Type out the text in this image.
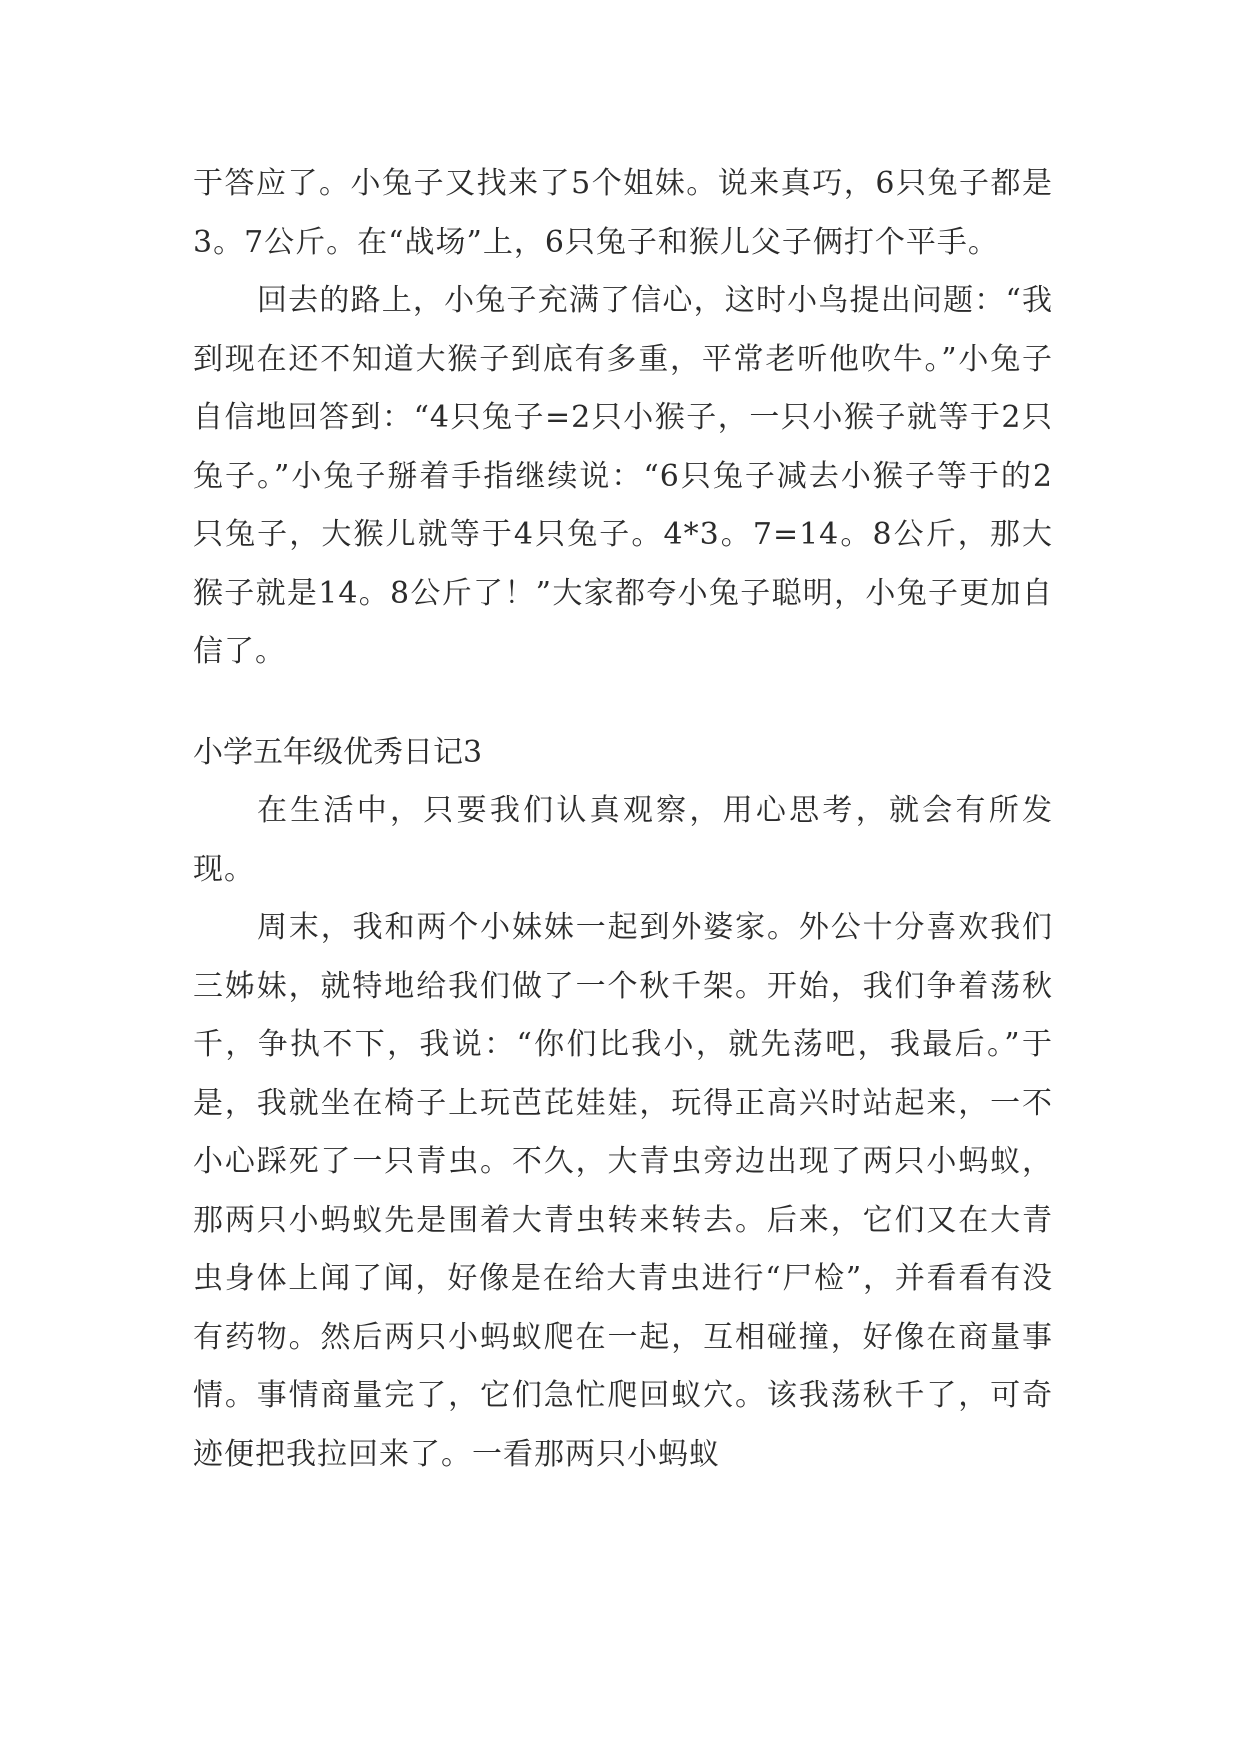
于答应了。小兔子又找来了5个姐妹。说来真巧，6只兔子都是3。7公斤。在“战场”上，6只兔子和猴儿父子俩打个平手。

回去的路上，小兔子充满了信心，这时小鸟提出问题：“我到现在还不知道大猴子到底有多重，平常老听他吹牛。”小兔子自信地回答到：“4只兔子=2只小猴子，一只小猴子就等于2只兔子。”小兔子掰着手指继续说：“6只兔子减去小猴子等于的2只兔子，大猴儿就等于4只兔子。4*3。7=14。8公斤，那大猴子就是14。8公斤了！”大家都夸小兔子聪明，小兔子更加自信了。

小学五年级优秀日记3

在生活中，只要我们认真观察，用心思考，就会有所发现。

周末，我和两个小妹妹一起到外婆家。外公十分喜欢我们三姊妹，就特地给我们做了一个秋千架。开始，我们争着荡秋千，争执不下，我说：“你们比我小，就先荡吧，我最后。”于是，我就坐在椅子上玩芭芘娃娃，玩得正高兴时站起来，一不小心踩死了一只青虫。不久，大青虫旁边出现了两只小蚂蚁，那两只小蚂蚁先是围着大青虫转来转去。后来，它们又在大青虫身体上闻了闻，好像是在给大青虫进行“尸检”，并看看有没有药物。然后两只小蚂蚁爬在一起，互相碰撞，好像在商量事情。事情商量完了，它们急忙爬回蚁穴。该我荡秋千了，可奇迹便把我拉回来了。一看那两只小蚂蚁
